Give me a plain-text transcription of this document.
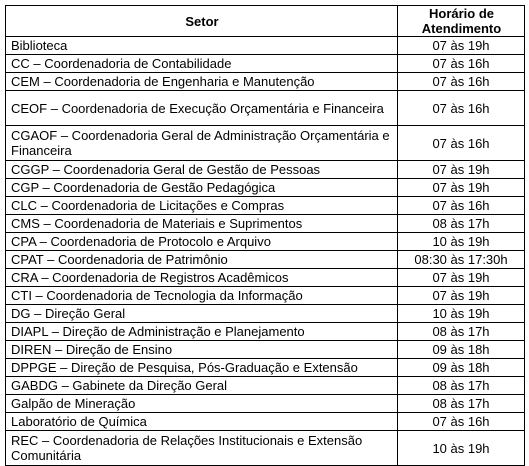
Setor	Horário de Atendimento
Biblioteca	07 às 19h
CC – Coordenadoria de Contabilidade	07 às 16h
CEM – Coordenadoria de Engenharia e Manutenção	07 às 16h
CEOF – Coordenadoria de Execução Orçamentária e Financeira	07 às 16h
CGAOF – Coordenadoria Geral de Administração Orçamentária e Financeira	07 às 16h
CGGP – Coordenadoria Geral de Gestão de Pessoas	07 às 19h
CGP – Coordenadoria de Gestão Pedagógica	07 às 19h
CLC – Coordenadoria de Licitações e Compras	07 às 16h
CMS – Coordenadoria de Materiais e Suprimentos	08 às 17h
CPA – Coordenadoria de Protocolo e Arquivo	10 às 19h
CPAT – Coordenadoria de Patrimônio	08:30 às 17:30h
CRA – Coordenadoria de Registros Acadêmicos	07 às 19h
CTI – Coordenadoria de Tecnologia da Informação	07 às 19h
DG – Direção Geral	10 às 19h
DIAPL – Direção de Administração e Planejamento	08 às 17h
DIREN – Direção de Ensino	09 às 18h
DPPGE – Direção de Pesquisa, Pós-Graduação e Extensão	09 às 18h
GABDG – Gabinete da Direção Geral	08 às 17h
Galpão de Mineração	08 às 17h
Laboratório de Química	07 às 16h
REC – Coordenadoria de Relações Institucionais e Extensão Comunitária	10 às 19h
